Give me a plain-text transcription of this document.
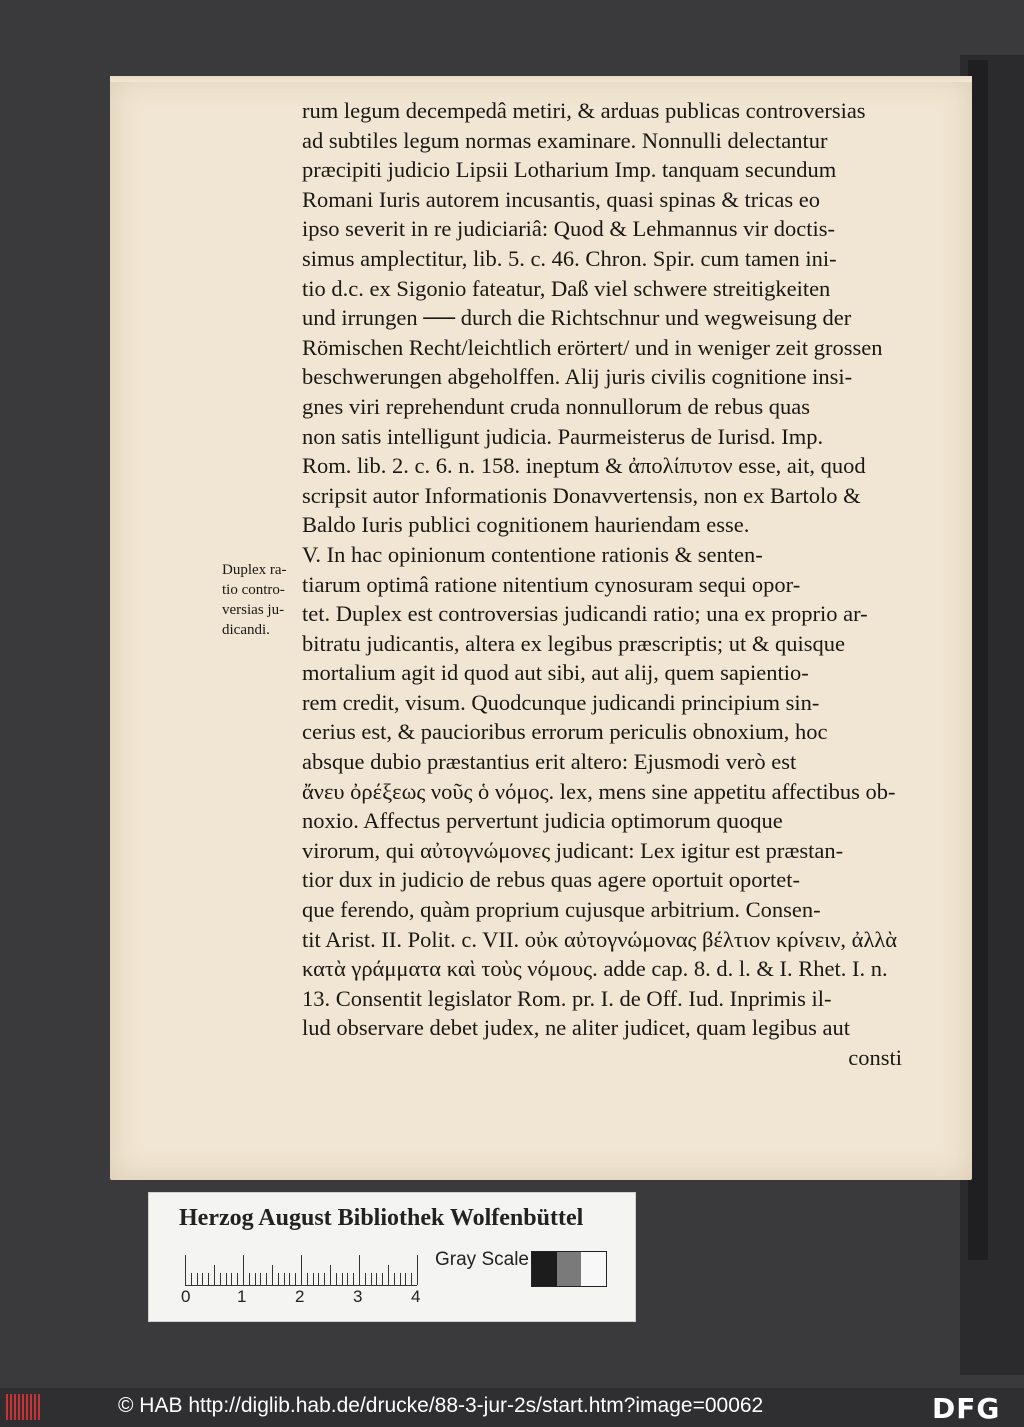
rum legum decempedâ metiri, & arduas publicas controversias
ad subtiles legum normas examinare. Nonnulli delectantur
præcipiti judicio Lipsii Lotharium Imp. tanquam secundum
Romani Iuris autorem incusantis, quasi spinas & tricas eo
ipso severit in re judiciariâ: Quod & Lehmannus vir doctis-
simus amplectitur, lib. 5. c. 46. Chron. Spir. cum tamen ini-
tio d.c. ex Sigonio fateatur, Daß viel schwere streitigkeiten
und irrungen ── durch die Richtschnur und wegweisung der
Römischen Recht/leichtlich erörtert/ und in weniger zeit grossen
beschwerungen abgeholffen. Alij juris civilis cognitione insi-
gnes viri reprehendunt cruda nonnullorum de rebus quas
non satis intelligunt judicia. Paurmeisterus de Iurisd. Imp.
Rom. lib. 2. c. 6. n. 158. ineptum & ἀπολίπυτον esse, ait, quod
scripsit autor Informationis Donavvertensis, non ex Bartolo &
Baldo Iuris publici cognitionem hauriendam esse.
V. In hac opinionum contentione rationis & senten-
tiarum optimâ ratione nitentium cynosuram sequi opor-
tet. Duplex est controversias judicandi ratio; una ex proprio ar-
bitratu judicantis, altera ex legibus præscriptis; ut & quisque
mortalium agit id quod aut sibi, aut alij, quem sapientio-
rem credit, visum. Quodcunque judicandi principium sin-
cerius est, & paucioribus errorum periculis obnoxium, hoc
absque dubio præstantius erit altero: Ejusmodi verò est
ἄνευ ὀρέξεως νοῦς ὁ νόμος. lex, mens sine appetitu affectibus ob-
noxio. Affectus pervertunt judicia optimorum quoque
virorum, qui αὐτογνώμονες judicant: Lex igitur est præstan-
tior dux in judicio de rebus quas agere oportuit oportet-
que ferendo, quàm proprium cujusque arbitrium. Consen-
tit Arist. II. Polit. c. VII. οὐκ αὐτογνώμονας βέλτιον κρίνειν, ἀλλὰ
κατὰ γράμματα καὶ τοὺς νόμους. adde cap. 8. d. l. & I. Rhet. I. n.
13. Consentit legislator Rom. pr. I. de Off. Iud. Inprimis il-
lud observare debet judex, ne aliter judicet, quam legibus aut
consti
Duplex ra-
tio contro-
versias ju-
dicandi.
Herzog August Bibliothek Wolfenbüttel
0	1	2	3	4
Gray Scale
© HAB http://diglib.hab.de/drucke/88-3-jur-2s/start.htm?image=00062	DFG
